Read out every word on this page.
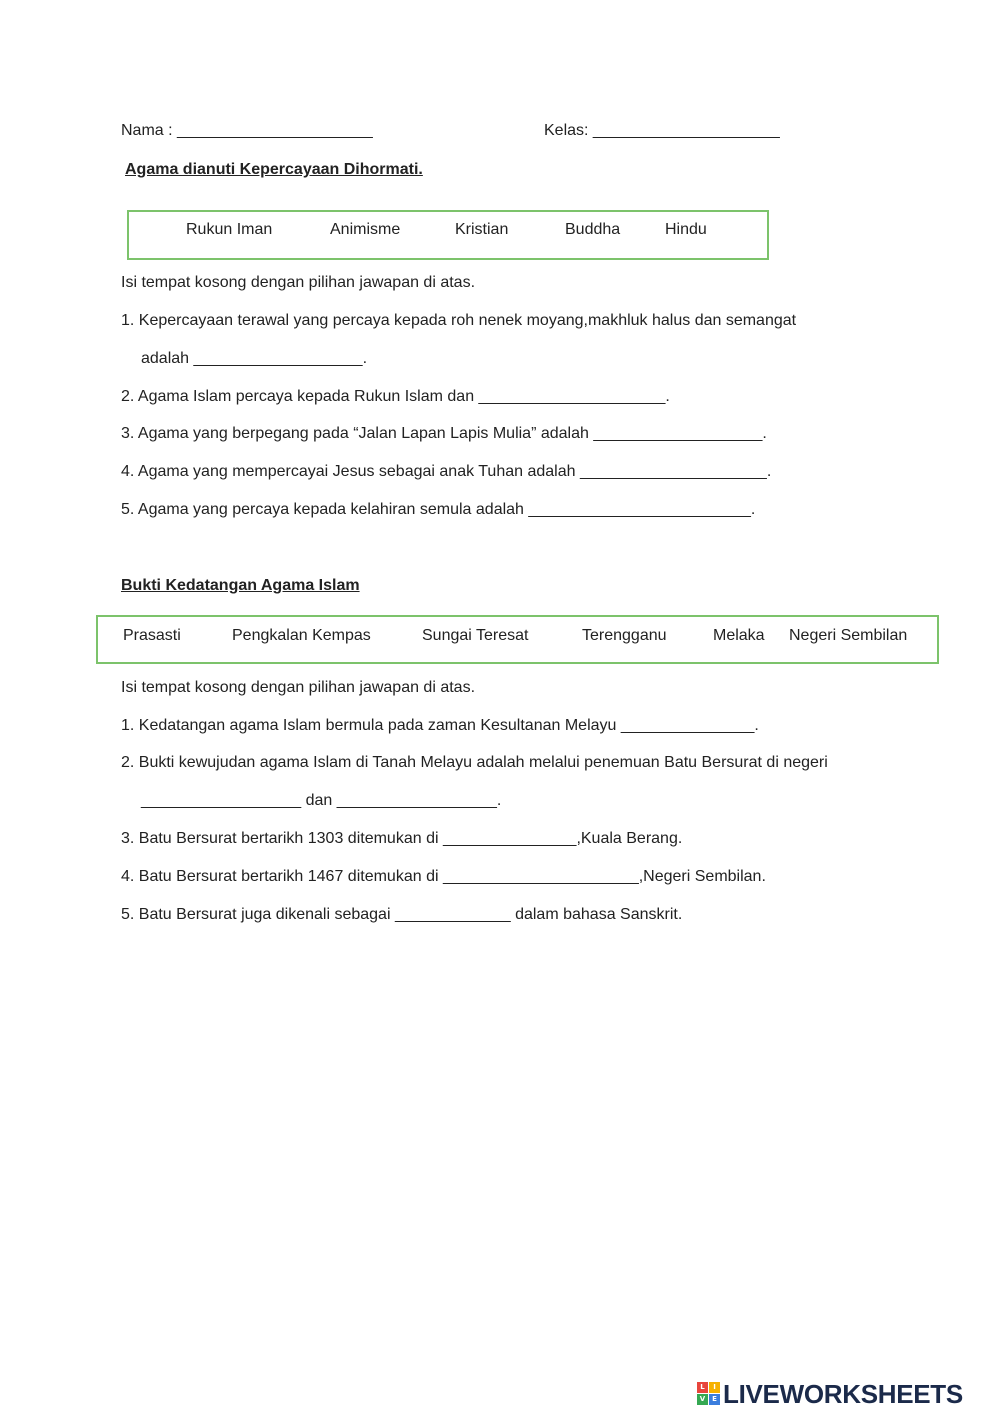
Nama : ______________________	Kelas: _____________________
Agama dianuti Kepercayaan Dihormati.
Rukun Iman	Animisme	Kristian	Buddha	Hindu
Isi tempat kosong dengan pilihan jawapan di atas.
1. Kepercayaan terawal yang percaya kepada roh nenek moyang,makhluk halus dan semangat
adalah ___________________.
2. Agama Islam percaya kepada Rukun Islam dan _____________________.
3. Agama yang berpegang pada “Jalan Lapan Lapis Mulia” adalah ___________________.
4. Agama yang mempercayai Jesus sebagai anak Tuhan adalah _____________________.
5. Agama yang percaya kepada kelahiran semula adalah _________________________.
Bukti Kedatangan Agama Islam
Prasasti	Pengkalan Kempas	Sungai Teresat	Terengganu	Melaka Negeri Sembilan
Isi tempat kosong dengan pilihan jawapan di atas.
1. Kedatangan agama Islam bermula pada zaman Kesultanan Melayu _______________.
2. Bukti kewujudan agama Islam di Tanah Melayu adalah melalui penemuan Batu Bersurat di negeri
__________________ dan __________________.
3. Batu Bersurat bertarikh 1303 ditemukan di _______________,Kuala Berang.
4. Batu Bersurat bertarikh 1467 ditemukan di ______________________,Negeri Sembilan.
5. Batu Bersurat juga dikenali sebagai _____________ dalam bahasa Sanskrit.
L	I
V E LIVEWORKSHEETS
